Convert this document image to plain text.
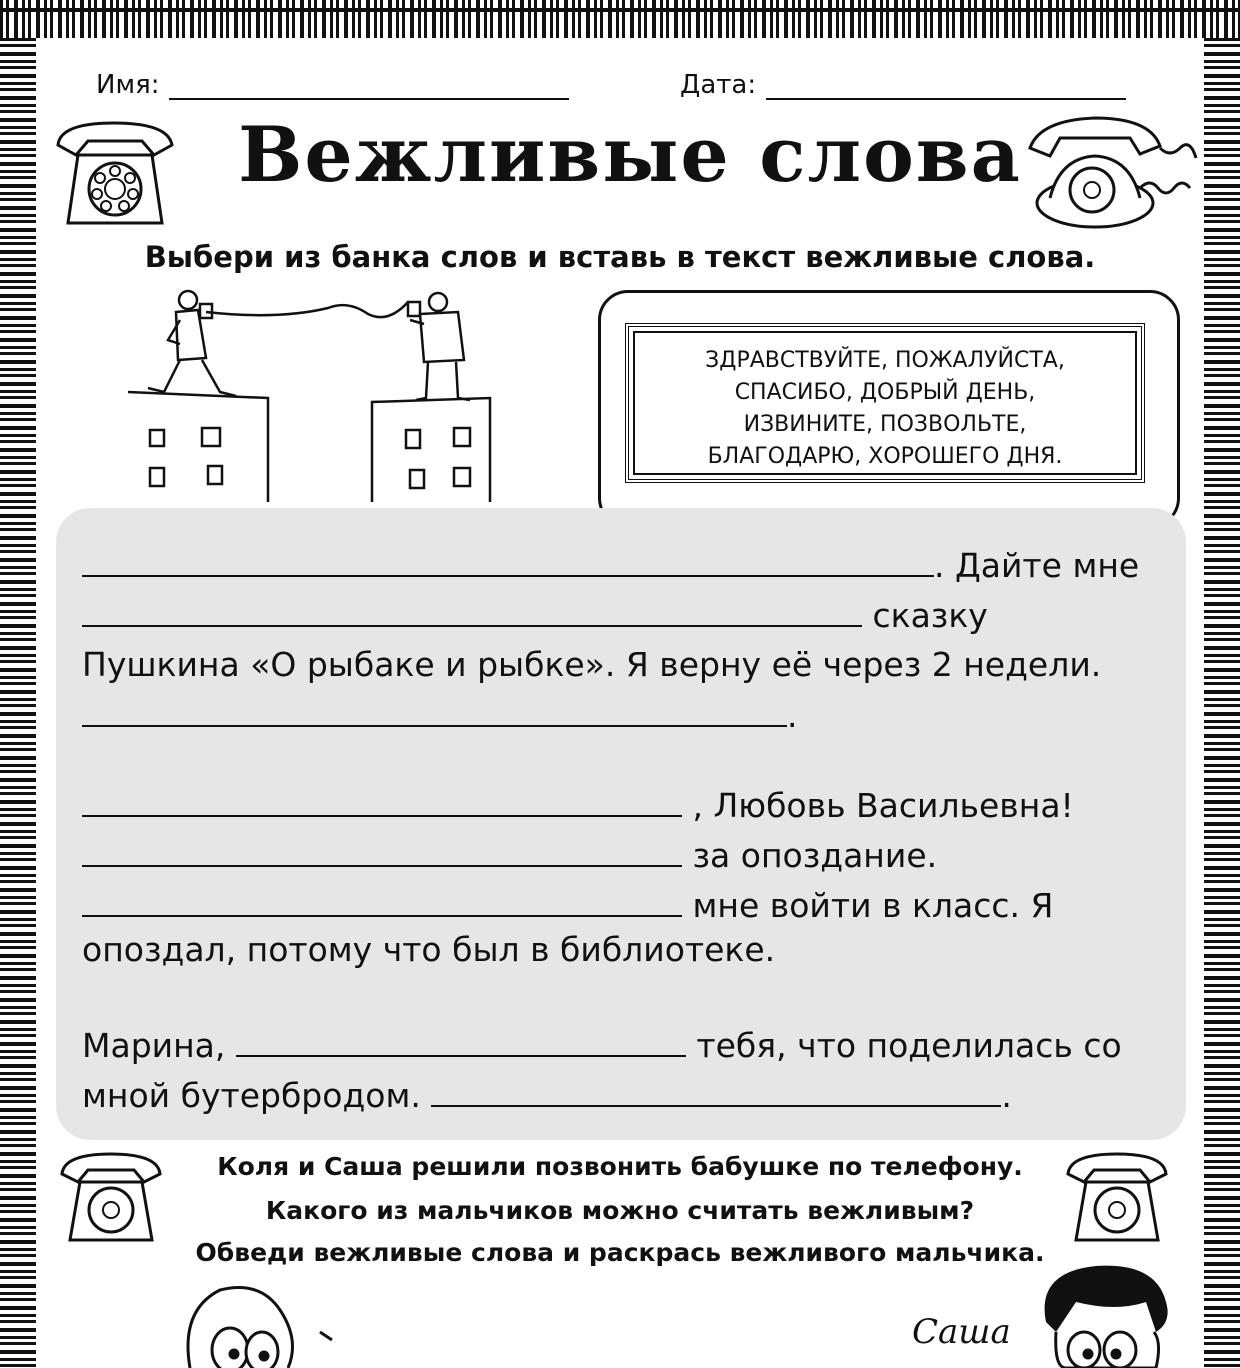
Имя:	Дата:
Вежливые слова
Выбери из банка слов и вставь в текст вежливые слова.
ЗДРАВСТВУЙТЕ, ПОЖАЛУЙСТА,
СПАСИБО, ДОБРЫЙ ДЕНЬ,
ИЗВИНИТЕ, ПОЗВОЛЬТЕ,
БЛАГОДАРЮ, ХОРОШЕГО ДНЯ.
. Дайте мне
сказку
Пушкина «О рыбаке и рыбке». Я верну её через 2 недели.
.
, Любовь Васильевна!
за опоздание.
мне войти в класс. Я
опоздал, потому что был в библиотеке.
Марина,	тебя, что поделилась со
мной бутербродом.	.
Коля и Саша решили позвонить бабушке по телефону.
Какого из мальчиков можно считать вежливым?
Обведи вежливые слова и раскрась вежливого мальчика.
Саша
